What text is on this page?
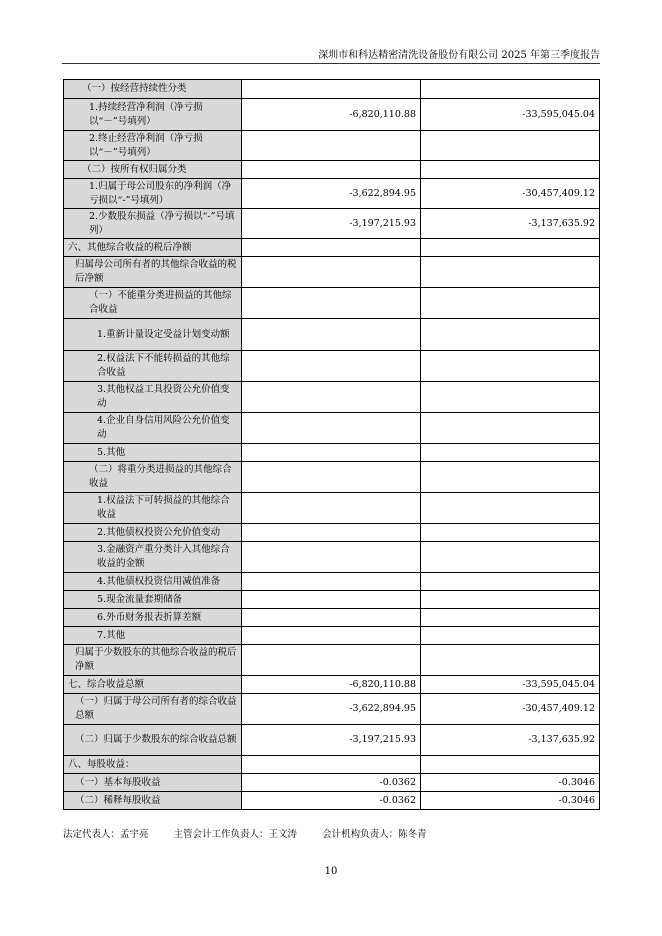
深圳市和科达精密清洗设备股份有限公司 2025 年第三季度报告
（一）按经营持续性分类		
1.持续经营净利润（净亏损以“－”号填列）	-6,820,110.88	-33,595,045.04
2.终止经营净利润（净亏损以“－”号填列）		
（二）按所有权归属分类		
1.归属于母公司股东的净利润（净亏损以“-”号填列）	-3,622,894.95	-30,457,409.12
2.少数股东损益（净亏损以“-”号填列）	-3,197,215.93	-3,137,635.92
六、其他综合收益的税后净额		
归属母公司所有者的其他综合收益的税后净额		
（一）不能重分类进损益的其他综合收益		
1.重新计量设定受益计划变动额		
2.权益法下不能转损益的其他综合收益		
3.其他权益工具投资公允价值变动		
4.企业自身信用风险公允价值变动		
5.其他		
（二）将重分类进损益的其他综合收益		
1.权益法下可转损益的其他综合收益		
2.其他债权投资公允价值变动		
3.金融资产重分类计入其他综合收益的金额		
4.其他债权投资信用减值准备		
5.现金流量套期储备		
6.外币财务报表折算差额		
7.其他		
归属于少数股东的其他综合收益的税后净额		
七、综合收益总额	-6,820,110.88	-33,595,045.04
（一）归属于母公司所有者的综合收益总额	-3,622,894.95	-30,457,409.12
（二）归属于少数股东的综合收益总额	-3,197,215.93	-3,137,635.92
八、每股收益：		
（一）基本每股收益	-0.0362	-0.3046
（二）稀释每股收益	-0.0362	-0.3046
法定代表人：孟宇亮	主管会计工作负责人：王文涛	会计机构负责人：陈冬青
10
